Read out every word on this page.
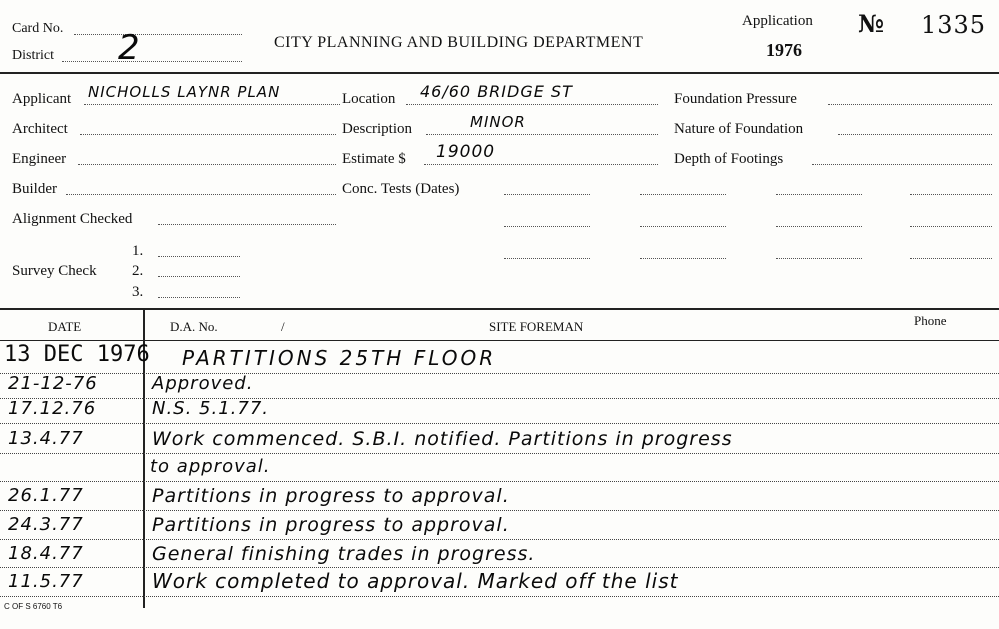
Card No.
District 2	CITY PLANNING AND BUILDING DEPARTMENT
Application
1976
№ 1335
Applicant NICHOLLS LAYNR PLAN	Location 46/60 BRIDGE ST	Foundation Pressure
Architect	Description	MINOR	Nature of Foundation
Engineer	Estimate $ 19000	Depth of Footings
Builder	Conc. Tests (Dates)
Alignment Checked
Survey Check
1.
2.
3.
DATE	D.A. No.	/	SITE FOREMAN	Phone
13 DEC 1976 PARTITIONS 25TH FLOOR
21-12-76	Approved.
17.12.76	N.S. 5.1.77.
13.4.77	Work commenced. S.B.I. notified. Partitions in progress
to approval.
26.1.77	Partitions in progress to approval.
24.3.77	Partitions in progress to approval.
18.4.77	General finishing trades in progress.
11.5.77	Work completed to approval. Marked off the list
C OF S 6760 T6
